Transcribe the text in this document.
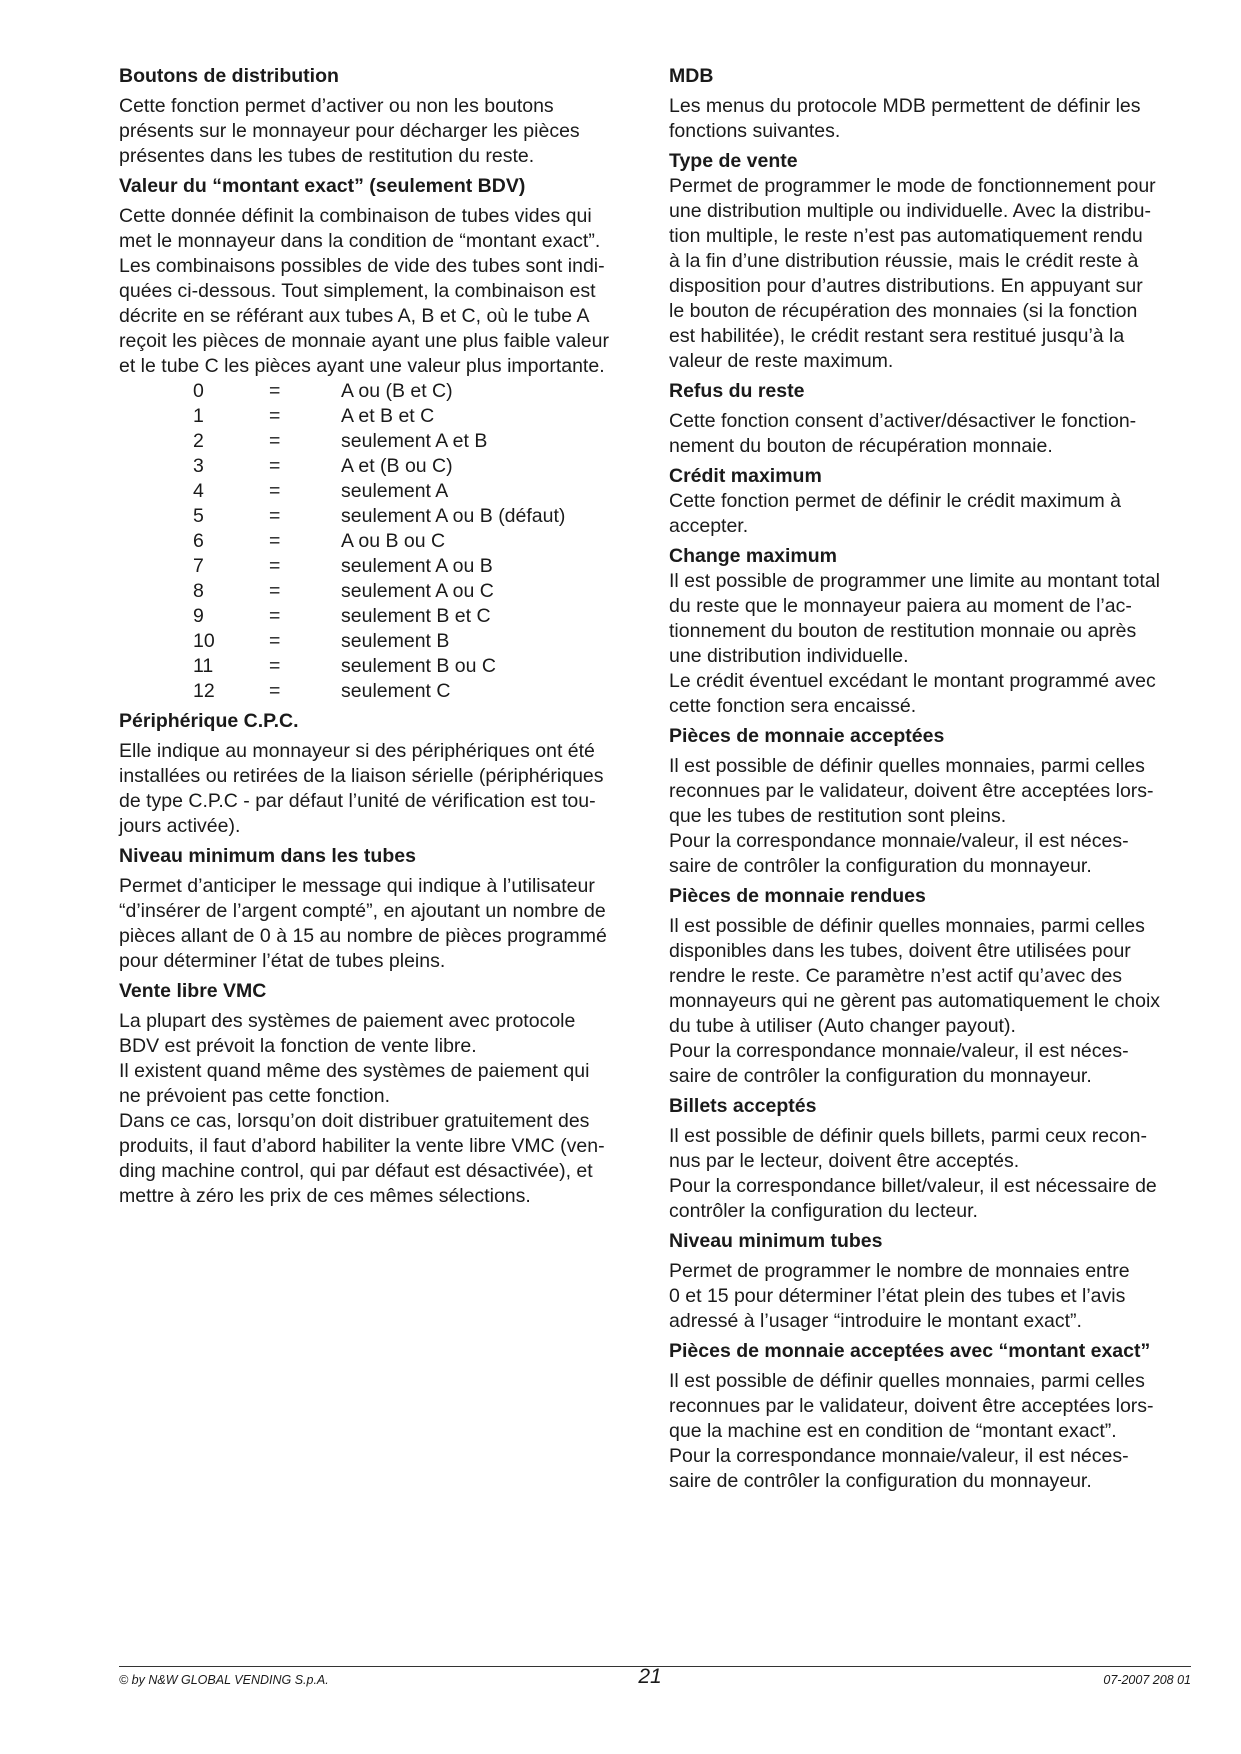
Boutons de distribution
Cette fonction permet d’activer ou non les boutons
présents sur le monnayeur pour décharger les pièces
présentes dans les tubes de restitution du reste.
Valeur du “montant exact” (seulement BDV)
Cette donnée définit la combinaison de tubes vides qui
met le monnayeur dans la condition de “montant exact”.
Les combinaisons possibles de vide des tubes sont indi-
quées ci-dessous. Tout simplement, la combinaison est
décrite en se référant aux tubes A, B et C, où le tube A
reçoit les pièces de monnaie ayant une plus faible valeur
et le tube C les pièces ayant une valeur plus importante.
0	=	A ou (B et C)
1	=	A et B et C
2	=	seulement A et B
3	=	A et (B ou C)
4	=	seulement A
5	=	seulement A ou B (défaut)
6	=	A ou B ou C
7	=	seulement A ou B
8	=	seulement A ou C
9	=	seulement B et C
10	=	seulement B
11	=	seulement B ou C
12	=	seulement C
Périphérique C.P.C.
Elle indique au monnayeur si des périphériques ont été
installées ou retirées de la liaison sérielle (périphériques
de type C.P.C - par défaut l’unité de vérification est tou-
jours activée).
Niveau minimum dans les tubes
Permet d’anticiper le message qui indique à l’utilisateur
“d’insérer de l’argent compté”, en ajoutant un nombre de
pièces allant de 0 à 15 au nombre de pièces programmé
pour déterminer l’état de tubes pleins.
Vente libre VMC
La plupart des systèmes de paiement avec protocole
BDV est prévoit la fonction de vente libre.
Il existent quand même des systèmes de paiement qui
ne prévoient pas cette fonction.
Dans ce cas, lorsqu’on doit distribuer gratuitement des
produits, il faut d’abord habiliter la vente libre VMC (ven-
ding machine control, qui par défaut est désactivée), et
mettre à zéro les prix de ces mêmes sélections.
MDB
Les menus du protocole MDB permettent de définir les
fonctions suivantes.
Type de vente
Permet de programmer le mode de fonctionnement pour
une distribution multiple ou individuelle. Avec la distribu-
tion multiple, le reste n’est pas automatiquement rendu
à la fin d’une distribution réussie, mais le crédit reste à
disposition pour d’autres distributions. En appuyant sur
le bouton de récupération des monnaies (si la fonction
est habilitée), le crédit restant sera restitué jusqu’à la
valeur de reste maximum.
Refus du reste
Cette fonction consent d’activer/désactiver le fonction-
nement du bouton de récupération monnaie.
Crédit maximum
Cette fonction permet de définir le crédit maximum à
accepter.
Change maximum
Il est possible de programmer une limite au montant total
du reste que le monnayeur paiera au moment de l’ac-
tionnement du bouton de restitution monnaie ou après
une distribution individuelle.
Le crédit éventuel excédant le montant programmé avec
cette fonction sera encaissé.
Pièces de monnaie acceptées
Il est possible de définir quelles monnaies, parmi celles
reconnues par le validateur, doivent être acceptées lors-
que les tubes de restitution sont pleins.
Pour la correspondance monnaie/valeur, il est néces-
saire de contrôler la configuration du monnayeur.
Pièces de monnaie rendues
Il est possible de définir quelles monnaies, parmi celles
disponibles dans les tubes, doivent être utilisées pour
rendre le reste. Ce paramètre n’est actif qu’avec des
monnayeurs qui ne gèrent pas automatiquement le choix
du tube à utiliser (Auto changer payout).
Pour la correspondance monnaie/valeur, il est néces-
saire de contrôler la configuration du monnayeur.
Billets acceptés
Il est possible de définir quels billets, parmi ceux recon-
nus par le lecteur, doivent être acceptés.
Pour la correspondance billet/valeur, il est nécessaire de
contrôler la configuration du lecteur.
Niveau minimum tubes
Permet de programmer le nombre de monnaies entre
0 et 15 pour déterminer l’état plein des tubes et l’avis
adressé à l’usager “introduire le montant exact”.
Pièces de monnaie acceptées avec “montant exact”
Il est possible de définir quelles monnaies, parmi celles
reconnues par le validateur, doivent être acceptées lors-
que la machine est en condition de “montant exact”.
Pour la correspondance monnaie/valeur, il est néces-
saire de contrôler la configuration du monnayeur.
© by N&W GLOBAL VENDING S.p.A.	21	07-2007 208 01
